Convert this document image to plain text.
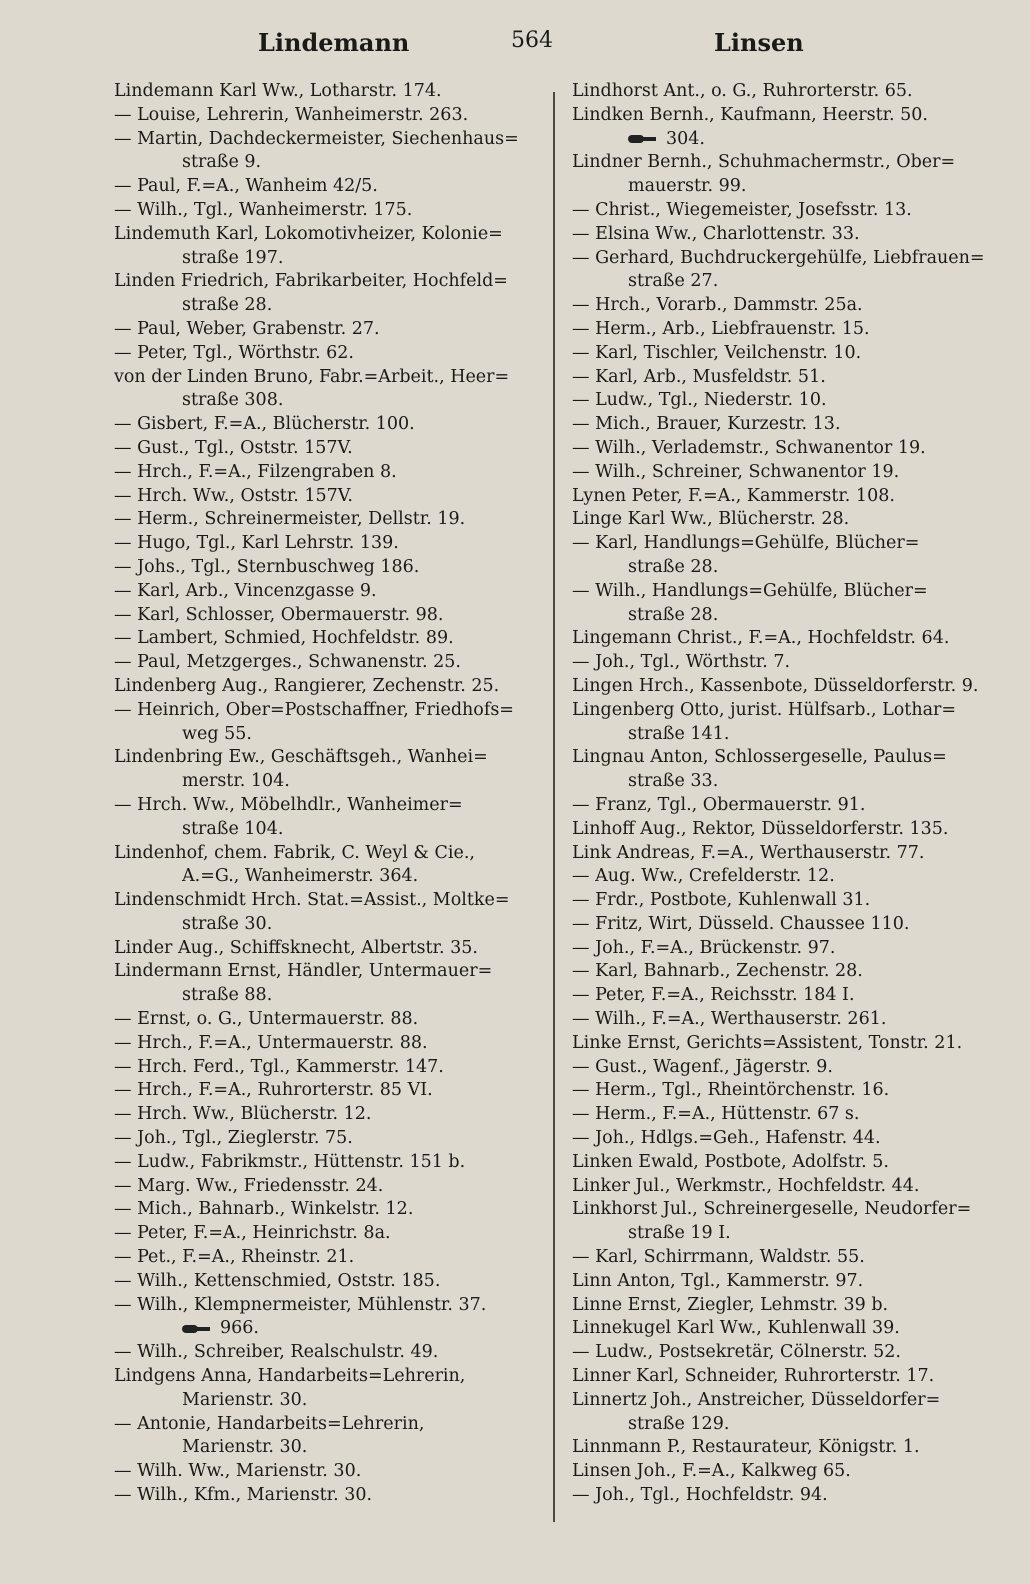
Lindemann	564	Linsen
Lindemann Karl Ww., Lotharstr. 174.
— Louise, Lehrerin, Wanheimerstr. 263.
— Martin, Dachdeckermeister, Siechenhaus=
straße 9.
— Paul, F.=A., Wanheim 42/5.
— Wilh., Tgl., Wanheimerstr. 175.
Lindemuth Karl, Lokomotivheizer, Kolonie=
straße 197.
Linden Friedrich, Fabrikarbeiter, Hochfeld=
straße 28.
— Paul, Weber, Grabenstr. 27.
— Peter, Tgl., Wörthstr. 62.
von der Linden Bruno, Fabr.=Arbeit., Heer=
straße 308.
— Gisbert, F.=A., Blücherstr. 100.
— Gust., Tgl., Oststr. 157V.
— Hrch., F.=A., Filzengraben 8.
— Hrch. Ww., Oststr. 157V.
— Herm., Schreinermeister, Dellstr. 19.
— Hugo, Tgl., Karl Lehrstr. 139.
— Johs., Tgl., Sternbuschweg 186.
— Karl, Arb., Vincenzgasse 9.
— Karl, Schlosser, Obermauerstr. 98.
— Lambert, Schmied, Hochfeldstr. 89.
— Paul, Metzgerges., Schwanenstr. 25.
Lindenberg Aug., Rangierer, Zechenstr. 25.
— Heinrich, Ober=Postschaffner, Friedhofs=
weg 55.
Lindenbring Ew., Geschäftsgeh., Wanhei=
merstr. 104.
— Hrch. Ww., Möbelhdlr., Wanheimer=
straße 104.
Lindenhof, chem. Fabrik, C. Weyl & Cie.,
A.=G., Wanheimerstr. 364.
Lindenschmidt Hrch. Stat.=Assist., Moltke=
straße 30.
Linder Aug., Schiffsknecht, Albertstr. 35.
Lindermann Ernst, Händler, Untermauer=
straße 88.
— Ernst, o. G., Untermauerstr. 88.
— Hrch., F.=A., Untermauerstr. 88.
— Hrch. Ferd., Tgl., Kammerstr. 147.
— Hrch., F.=A., Ruhrorterstr. 85 VI.
— Hrch. Ww., Blücherstr. 12.
— Joh., Tgl., Zieglerstr. 75.
— Ludw., Fabrikmstr., Hüttenstr. 151 b.
— Marg. Ww., Friedensstr. 24.
— Mich., Bahnarb., Winkelstr. 12.
— Peter, F.=A., Heinrichstr. 8a.
— Pet., F.=A., Rheinstr. 21.
— Wilh., Kettenschmied, Oststr. 185.
— Wilh., Klempnermeister, Mühlenstr. 37.
966.
— Wilh., Schreiber, Realschulstr. 49.
Lindgens Anna, Handarbeits=Lehrerin,
Marienstr. 30.
— Antonie, Handarbeits=Lehrerin,
Marienstr. 30.
— Wilh. Ww., Marienstr. 30.
— Wilh., Kfm., Marienstr. 30.
Lindhorst Ant., o. G., Ruhrorterstr. 65.
Lindken Bernh., Kaufmann, Heerstr. 50.
304.
Lindner Bernh., Schuhmachermstr., Ober=
mauerstr. 99.
— Christ., Wiegemeister, Josefsstr. 13.
— Elsina Ww., Charlottenstr. 33.
— Gerhard, Buchdruckergehülfe, Liebfrauen=
straße 27.
— Hrch., Vorarb., Dammstr. 25a.
— Herm., Arb., Liebfrauenstr. 15.
— Karl, Tischler, Veilchenstr. 10.
— Karl, Arb., Musfeldstr. 51.
— Ludw., Tgl., Niederstr. 10.
— Mich., Brauer, Kurzestr. 13.
— Wilh., Verlademstr., Schwanentor 19.
— Wilh., Schreiner, Schwanentor 19.
Lynen Peter, F.=A., Kammerstr. 108.
Linge Karl Ww., Blücherstr. 28.
— Karl, Handlungs=Gehülfe, Blücher=
straße 28.
— Wilh., Handlungs=Gehülfe, Blücher=
straße 28.
Lingemann Christ., F.=A., Hochfeldstr. 64.
— Joh., Tgl., Wörthstr. 7.
Lingen Hrch., Kassenbote, Düsseldorferstr. 9.
Lingenberg Otto, jurist. Hülfsarb., Lothar=
straße 141.
Lingnau Anton, Schlossergeselle, Paulus=
straße 33.
— Franz, Tgl., Obermauerstr. 91.
Linhoff Aug., Rektor, Düsseldorferstr. 135.
Link Andreas, F.=A., Werthauserstr. 77.
— Aug. Ww., Crefelderstr. 12.
— Frdr., Postbote, Kuhlenwall 31.
— Fritz, Wirt, Düsseld. Chaussee 110.
— Joh., F.=A., Brückenstr. 97.
— Karl, Bahnarb., Zechenstr. 28.
— Peter, F.=A., Reichsstr. 184 I.
— Wilh., F.=A., Werthauserstr. 261.
Linke Ernst, Gerichts=Assistent, Tonstr. 21.
— Gust., Wagenf., Jägerstr. 9.
— Herm., Tgl., Rheintörchenstr. 16.
— Herm., F.=A., Hüttenstr. 67 s.
— Joh., Hdlgs.=Geh., Hafenstr. 44.
Linken Ewald, Postbote, Adolfstr. 5.
Linker Jul., Werkmstr., Hochfeldstr. 44.
Linkhorst Jul., Schreinergeselle, Neudorfer=
straße 19 I.
— Karl, Schirrmann, Waldstr. 55.
Linn Anton, Tgl., Kammerstr. 97.
Linne Ernst, Ziegler, Lehmstr. 39 b.
Linnekugel Karl Ww., Kuhlenwall 39.
— Ludw., Postsekretär, Cölnerstr. 52.
Linner Karl, Schneider, Ruhrorterstr. 17.
Linnertz Joh., Anstreicher, Düsseldorfer=
straße 129.
Linnmann P., Restaurateur, Königstr. 1.
Linsen Joh., F.=A., Kalkweg 65.
— Joh., Tgl., Hochfeldstr. 94.
